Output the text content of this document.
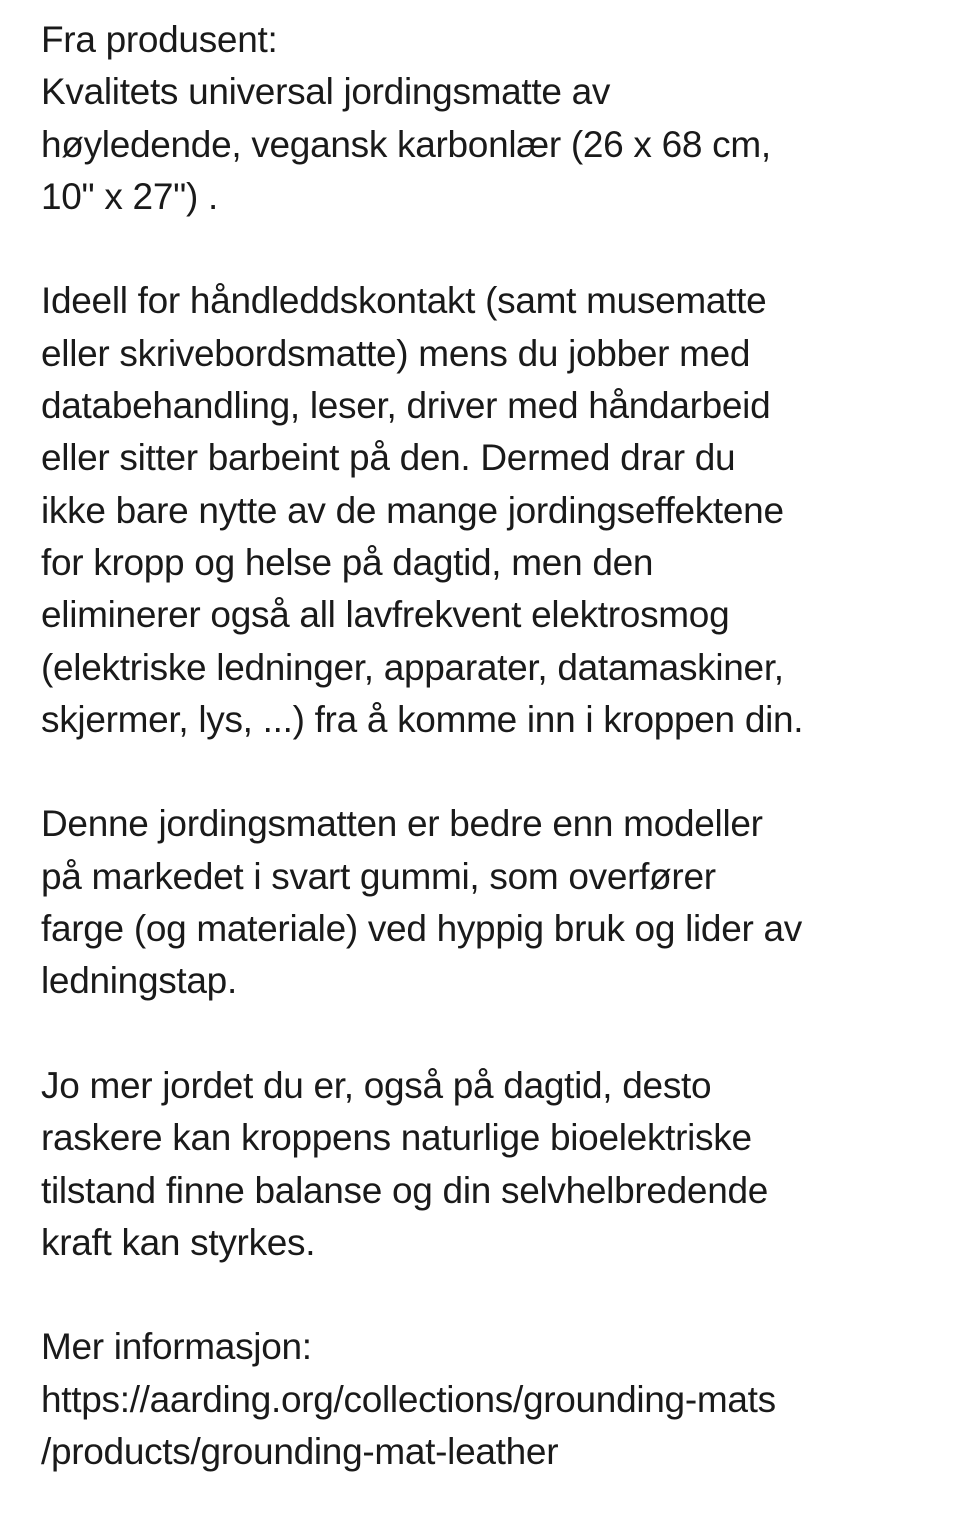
Fra produsent:
Kvalitets universal jordingsmatte av
høyledende, vegansk karbonlær (26 x 68 cm,
10" x 27") .

Ideell for håndleddskontakt (samt musematte
eller skrivebordsmatte) mens du jobber med
databehandling, leser, driver med håndarbeid
eller sitter barbeint på den. Dermed drar du
ikke bare nytte av de mange jordingseffektene
for kropp og helse på dagtid, men den
eliminerer også all lavfrekvent elektrosmog
(elektriske ledninger, apparater, datamaskiner,
skjermer, lys, ...) fra å komme inn i kroppen din.

Denne jordingsmatten er bedre enn modeller
på markedet i svart gummi, som overfører
farge (og materiale) ved hyppig bruk og lider av
ledningstap.

Jo mer jordet du er, også på dagtid, desto
raskere kan kroppens naturlige bioelektriske
tilstand finne balanse og din selvhelbredende
kraft kan styrkes.

Mer informasjon:
https://aarding.org/collections/grounding-mats
/products/grounding-mat-leather
